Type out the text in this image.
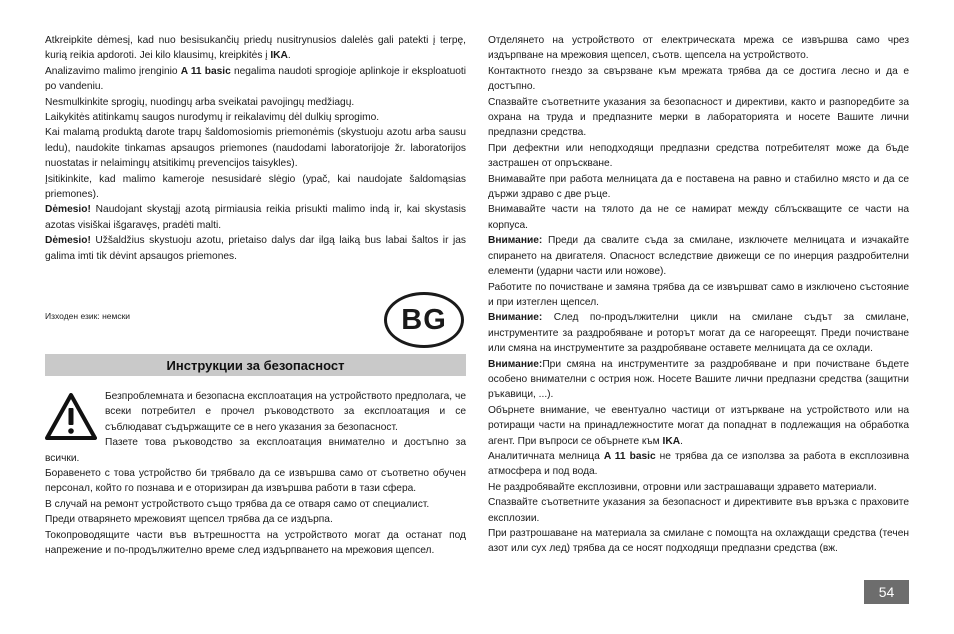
Atkreipkite dėmesį, kad nuo besisukančių priedų nusitrynusios dalelės gali patekti į terpę, kurią reikia apdoroti. Jei kilo klausimų, kreipkitės į IKA.

Analizavimo malimo įrenginio A 11 basic negalima naudoti sprogioje aplinkoje ir eksploatuoti po vandeniu.

Nesmulkinkite sprogių, nuodingų arba sveikatai pavojingų medžiagų.

Laikykitės atitinkamų saugos nurodymų ir reikalavimų dėl dulkių sprogimo.

Kai malamą produktą darote trapų šaldomosiomis priemonėmis (skystuoju azotu arba sausu ledu), naudokite tinkamas apsaugos priemones (naudodami laboratorijoje žr. laboratorijos nuostatas ir nelaimingų atsitikimų prevencijos taisykles).

Įsitikinkite, kad malimo kameroje nesusidarė slėgio (ypač, kai naudojate šaldomąsias priemones).

Dėmesio! Naudojant skystąjį azotą pirmiausia reikia prisukti malimo indą ir, kai skystasis azotas visiškai išgaravęs, pradėti malti.

Dėmesio! Užšaldžius skystuoju azotu, prietaiso dalys dar ilgą laiką bus labai šaltos ir jas galima imti tik dėvint apsaugos priemones.

Изходен език: немски	BG
Инструкции за безопасност

Безпроблемната и безопасна експлоатация на устройството предполага, че всеки потребител е прочел ръководството за експлоатация и се съблюдават съдържащите се в него указания за безопасност.

Пазете това ръководство за експлоатация внимателно и достъпно за всички.

Боравенето с това устройство би трябвало да се извършва само от съответно обучен персонал, който го познава и е оторизиран да извършва работи в тази сфера.

В случай на ремонт устройството също трябва да се отваря само от специалист.

Преди отварянето мрежовият щепсел трябва да се издърпа.

Токопроводящите части във вътрешността на устройството могат да останат под напрежение и по-продължително време след издърпването на мрежовия щепсел.

Отделянето на устройството от електрическата мрежа се извършва само чрез издърпване на мрежовия щепсел, съотв. щепсела на устройството.

Контактното гнездо за свързване към мрежата трябва да се достига лесно и да е достъпно.

Спазвайте съответните указания за безопасност и директиви, както и разпоредбите за охрана на труда и предпазните мерки в лабораторията и носете Вашите лични предпазни средства.

При дефектни или неподходящи предпазни средства потребителят може да бъде застрашен от опръскване.

Внимавайте при работа мелницата да е поставена на равно и стабилно място и да се държи здраво с две ръце.

Внимавайте части на тялото да не се намират между сблъскващите се части на корпуса.

Внимание: Преди да свалите съда за смилане, изключете мелницата и изчакайте спирането на двигателя. Опасност вследствие движещи се по инерция раздробителни елементи (ударни части или ножове).

Работите по почистване и замяна трябва да се извършват само в изключено състояние и при изтеглен щепсел.

Внимание: След по-продължителни цикли на смилане съдът за смилане, инструментите за раздробяване и роторът могат да се нагореещят. Преди почистване или смяна на инструментите за раздробяване оставете мелницата да се охлади.

Внимание:При смяна на инструментите за раздробяване и при почистване бъдете особено внимателни с острия нож. Носете Вашите лични предпазни средства (защитни ръкавици, ...).

Обърнете внимание, че евентуално частици от изтъркване на устройството или на ротиращи части на принадлежностите могат да попаднат в подлежащия на обработка агент. При въпроси се обърнете към IKA.

Аналитичната мелница A 11 basic не трябва да се използва за работа в експлозивна атмосфера и под вода.

Не раздробявайте експлозивни, отровни или застрашаващи здравето материали.

Спазвайте съответните указания за безопасност и директивите във връзка с праховите експлозии.

При разтрошаване на материала за смилане с помощта на охлаждащи средства (течен азот или сух лед) трябва да се носят подходящи предпазни средства (вж.

54
